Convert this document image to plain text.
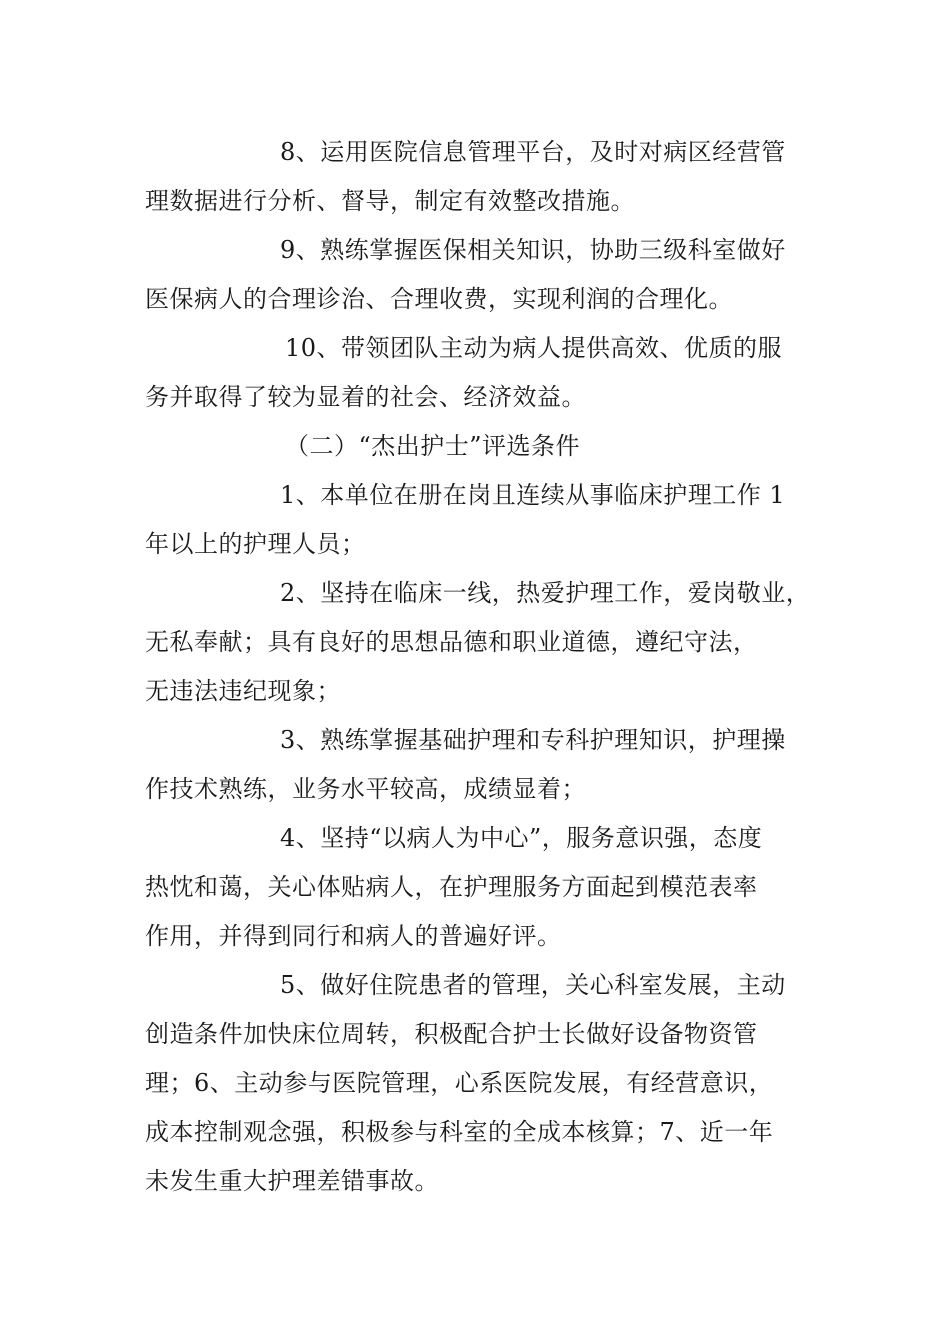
8、运用医院信息管理平台，及时对病区经营管
理数据进行分析、督导，制定有效整改措施。

9、熟练掌握医保相关知识，协助三级科室做好
医保病人的合理诊治、合理收费，实现利润的合理化。

10、带领团队主动为病人提供高效、优质的服
务并取得了较为显着的社会、经济效益。

（二）“杰出护士”评选条件

1、本单位在册在岗且连续从事临床护理工作 1
年以上的护理人员；

2、坚持在临床一线，热爱护理工作，爱岗敬业，
无私奉献；具有良好的思想品德和职业道德，遵纪守法，
无违法违纪现象；

3、熟练掌握基础护理和专科护理知识，护理操
作技术熟练，业务水平较高，成绩显着；

4、坚持“以病人为中心”，服务意识强，态度
热忱和蔼，关心体贴病人，在护理服务方面起到模范表率
作用，并得到同行和病人的普遍好评。

5、做好住院患者的管理，关心科室发展，主动
创造条件加快床位周转，积极配合护士长做好设备物资管
理；6、主动参与医院管理，心系医院发展，有经营意识，
成本控制观念强，积极参与科室的全成本核算；7、近一年
未发生重大护理差错事故。
